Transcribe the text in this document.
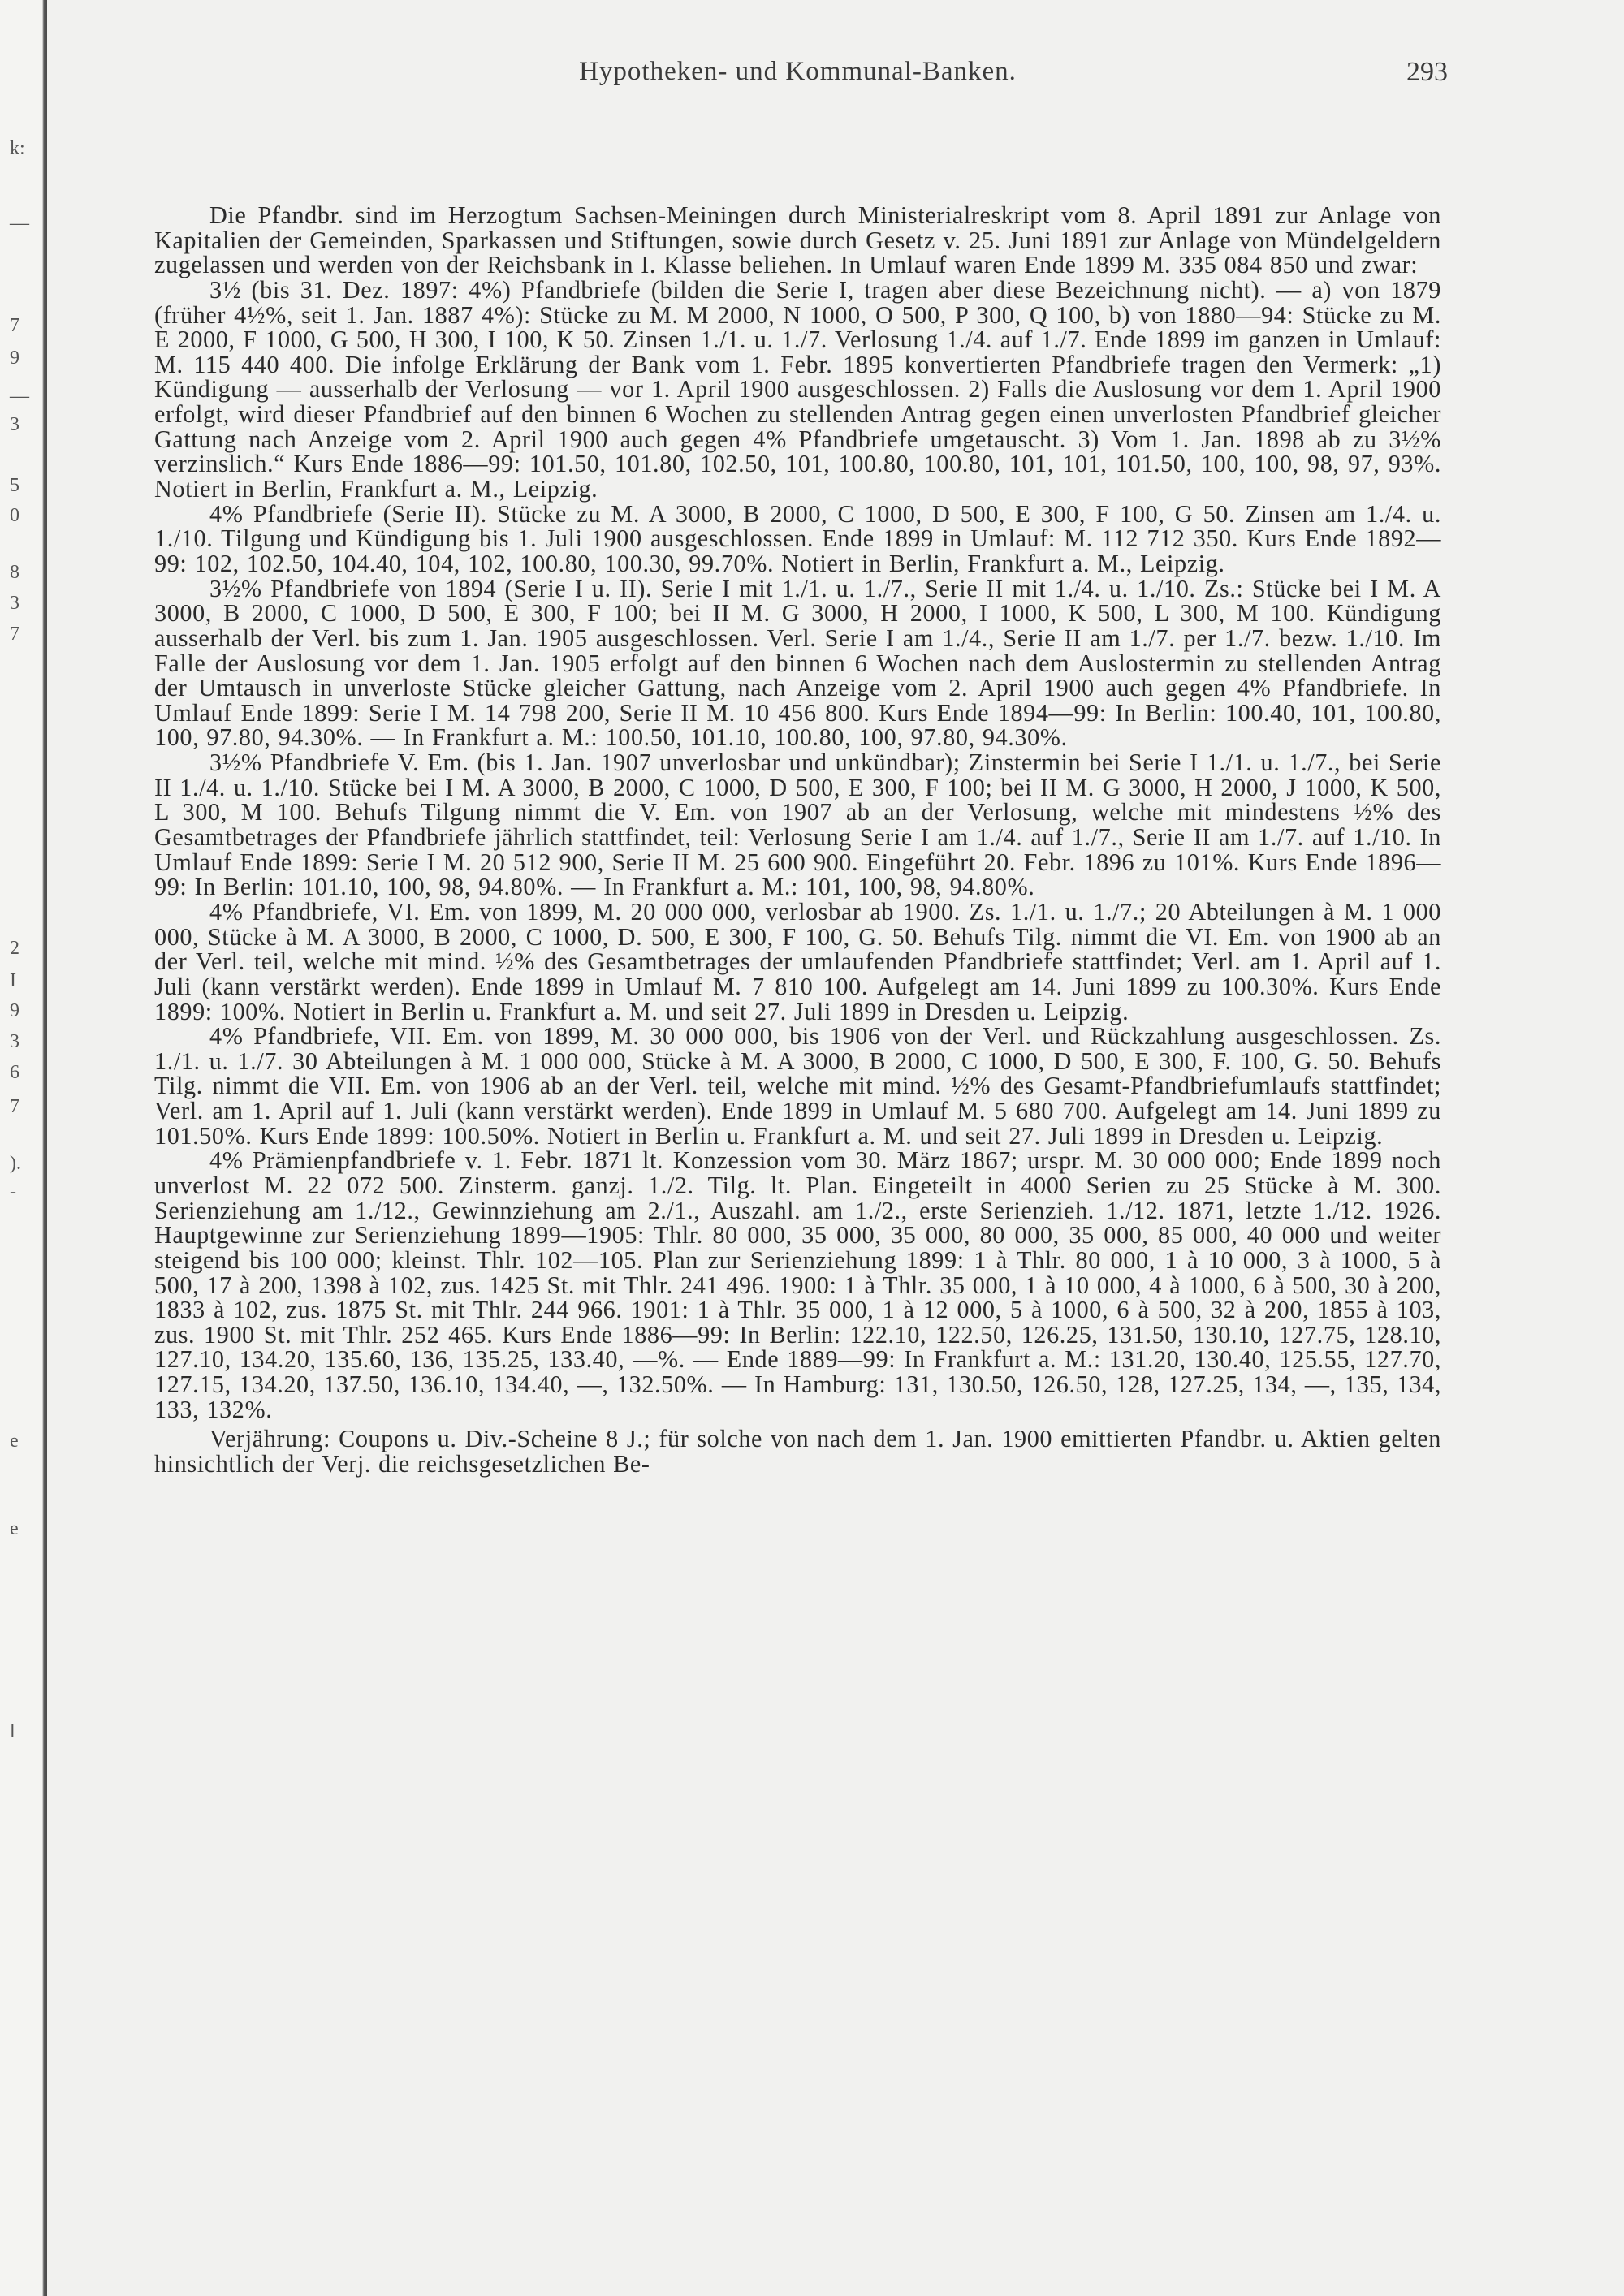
k:
—
7
9
—
3
5
0
8
3
7
2
I
9
3
6
7
).
-
e
e
l
Hypotheken- und Kommunal-Banken.	293

Die Pfandbr. sind im Herzogtum Sachsen-Meiningen durch Ministerialreskript vom 8. April 1891 zur Anlage von Kapitalien der Gemeinden, Sparkassen und Stiftungen, sowie durch Gesetz v. 25. Juni 1891 zur Anlage von Mündelgeldern zugelassen und werden von der Reichsbank in I. Klasse beliehen. In Umlauf waren Ende 1899 M. 335 084 850 und zwar:

3½ (bis 31. Dez. 1897: 4%) Pfandbriefe (bilden die Serie I, tragen aber diese Bezeichnung nicht). — a) von 1879 (früher 4½%, seit 1. Jan. 1887 4%): Stücke zu M. M 2000, N 1000, O 500, P 300, Q 100, b) von 1880—94: Stücke zu M. E 2000, F 1000, G 500, H 300, I 100, K 50. Zinsen 1./1. u. 1./7. Verlosung 1./4. auf 1./7. Ende 1899 im ganzen in Umlauf: M. 115 440 400. Die infolge Erklärung der Bank vom 1. Febr. 1895 konvertierten Pfandbriefe tragen den Vermerk: „1) Kündigung — ausserhalb der Verlosung — vor 1. April 1900 ausgeschlossen. 2) Falls die Auslosung vor dem 1. April 1900 erfolgt, wird dieser Pfandbrief auf den binnen 6 Wochen zu stellenden Antrag gegen einen unverlosten Pfandbrief gleicher Gattung nach Anzeige vom 2. April 1900 auch gegen 4% Pfandbriefe umgetauscht. 3) Vom 1. Jan. 1898 ab zu 3½% verzinslich.“ Kurs Ende 1886—99: 101.50, 101.80, 102.50, 101, 100.80, 100.80, 101, 101, 101.50, 100, 100, 98, 97, 93%. Notiert in Berlin, Frankfurt a. M., Leipzig.

4% Pfandbriefe (Serie II). Stücke zu M. A 3000, B 2000, C 1000, D 500, E 300, F 100, G 50. Zinsen am 1./4. u. 1./10. Tilgung und Kündigung bis 1. Juli 1900 ausgeschlossen. Ende 1899 in Umlauf: M. 112 712 350. Kurs Ende 1892—99: 102, 102.50, 104.40, 104, 102, 100.80, 100.30, 99.70%. Notiert in Berlin, Frankfurt a. M., Leipzig.

3½% Pfandbriefe von 1894 (Serie I u. II). Serie I mit 1./1. u. 1./7., Serie II mit 1./4. u. 1./10. Zs.: Stücke bei I M. A 3000, B 2000, C 1000, D 500, E 300, F 100; bei II M. G 3000, H 2000, I 1000, K 500, L 300, M 100. Kündigung ausserhalb der Verl. bis zum 1. Jan. 1905 ausgeschlossen. Verl. Serie I am 1./4., Serie II am 1./7. per 1./7. bezw. 1./10. Im Falle der Auslosung vor dem 1. Jan. 1905 erfolgt auf den binnen 6 Wochen nach dem Auslostermin zu stellenden Antrag der Umtausch in unverloste Stücke gleicher Gattung, nach Anzeige vom 2. April 1900 auch gegen 4% Pfandbriefe. In Umlauf Ende 1899: Serie I M. 14 798 200, Serie II M. 10 456 800. Kurs Ende 1894—99: In Berlin: 100.40, 101, 100.80, 100, 97.80, 94.30%. — In Frankfurt a. M.: 100.50, 101.10, 100.80, 100, 97.80, 94.30%.

3½% Pfandbriefe V. Em. (bis 1. Jan. 1907 unverlosbar und unkündbar); Zinstermin bei Serie I 1./1. u. 1./7., bei Serie II 1./4. u. 1./10. Stücke bei I M. A 3000, B 2000, C 1000, D 500, E 300, F 100; bei II M. G 3000, H 2000, J 1000, K 500, L 300, M 100. Behufs Tilgung nimmt die V. Em. von 1907 ab an der Verlosung, welche mit mindestens ½% des Gesamtbetrages der Pfandbriefe jährlich stattfindet, teil: Verlosung Serie I am 1./4. auf 1./7., Serie II am 1./7. auf 1./10. In Umlauf Ende 1899: Serie I M. 20 512 900, Serie II M. 25 600 900. Eingeführt 20. Febr. 1896 zu 101%. Kurs Ende 1896—99: In Berlin: 101.10, 100, 98, 94.80%. — In Frankfurt a. M.: 101, 100, 98, 94.80%.

4% Pfandbriefe, VI. Em. von 1899, M. 20 000 000, verlosbar ab 1900. Zs. 1./1. u. 1./7.; 20 Abteilungen à M. 1 000 000, Stücke à M. A 3000, B 2000, C 1000, D. 500, E 300, F 100, G. 50. Behufs Tilg. nimmt die VI. Em. von 1900 ab an der Verl. teil, welche mit mind. ½% des Gesamtbetrages der umlaufenden Pfandbriefe stattfindet; Verl. am 1. April auf 1. Juli (kann verstärkt werden). Ende 1899 in Umlauf M. 7 810 100. Aufgelegt am 14. Juni 1899 zu 100.30%. Kurs Ende 1899: 100%. Notiert in Berlin u. Frankfurt a. M. und seit 27. Juli 1899 in Dresden u. Leipzig.

4% Pfandbriefe, VII. Em. von 1899, M. 30 000 000, bis 1906 von der Verl. und Rückzahlung ausgeschlossen. Zs. 1./1. u. 1./7. 30 Abteilungen à M. 1 000 000, Stücke à M. A 3000, B 2000, C 1000, D 500, E 300, F. 100, G. 50. Behufs Tilg. nimmt die VII. Em. von 1906 ab an der Verl. teil, welche mit mind. ½% des Gesamt-Pfandbriefumlaufs stattfindet; Verl. am 1. April auf 1. Juli (kann verstärkt werden). Ende 1899 in Umlauf M. 5 680 700. Aufgelegt am 14. Juni 1899 zu 101.50%. Kurs Ende 1899: 100.50%. Notiert in Berlin u. Frankfurt a. M. und seit 27. Juli 1899 in Dresden u. Leipzig.

4% Prämienpfandbriefe v. 1. Febr. 1871 lt. Konzession vom 30. März 1867; urspr. M. 30 000 000; Ende 1899 noch unverlost M. 22 072 500. Zinsterm. ganzj. 1./2. Tilg. lt. Plan. Eingeteilt in 4000 Serien zu 25 Stücke à M. 300. Serienziehung am 1./12., Gewinnziehung am 2./1., Auszahl. am 1./2., erste Serienzieh. 1./12. 1871, letzte 1./12. 1926. Hauptgewinne zur Serienziehung 1899—1905: Thlr. 80 000, 35 000, 35 000, 80 000, 35 000, 85 000, 40 000 und weiter steigend bis 100 000; kleinst. Thlr. 102—105. Plan zur Serienziehung 1899: 1 à Thlr. 80 000, 1 à 10 000, 3 à 1000, 5 à 500, 17 à 200, 1398 à 102, zus. 1425 St. mit Thlr. 241 496. 1900: 1 à Thlr. 35 000, 1 à 10 000, 4 à 1000, 6 à 500, 30 à 200, 1833 à 102, zus. 1875 St. mit Thlr. 244 966. 1901: 1 à Thlr. 35 000, 1 à 12 000, 5 à 1000, 6 à 500, 32 à 200, 1855 à 103, zus. 1900 St. mit Thlr. 252 465. Kurs Ende 1886—99: In Berlin: 122.10, 122.50, 126.25, 131.50, 130.10, 127.75, 128.10, 127.10, 134.20, 135.60, 136, 135.25, 133.40, —%. — Ende 1889—99: In Frankfurt a. M.: 131.20, 130.40, 125.55, 127.70, 127.15, 134.20, 137.50, 136.10, 134.40, —, 132.50%. — In Hamburg: 131, 130.50, 126.50, 128, 127.25, 134, —, 135, 134, 133, 132%.

Verjährung: Coupons u. Div.-Scheine 8 J.; für solche von nach dem 1. Jan. 1900 emittierten Pfandbr. u. Aktien gelten hinsichtlich der Verj. die reichsgesetzlichen Be-
